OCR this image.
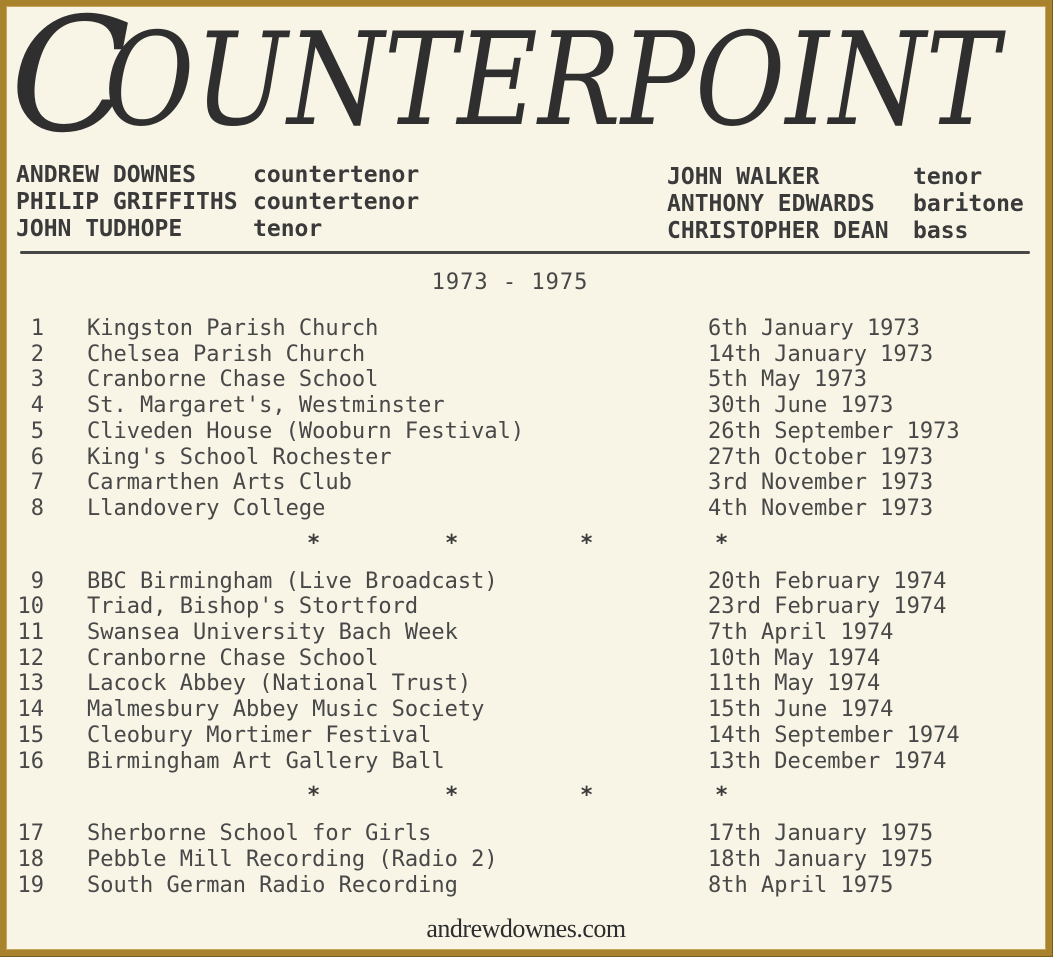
C
OUNTERPOINT
ANDREW DOWNES	countertenor
PHILIP GRIFFITHS countertenor
JOHN TUDHOPE	tenor
JOHN WALKER	tenor
ANTHONY EDWARDS	baritone
CHRISTOPHER DEAN	bass
1973 - 1975
1	Kingston Parish Church	6th January 1973
2	Chelsea Parish Church	14th January 1973
3	Cranborne Chase School	5th May 1973
4	St. Margaret's, Westminster	30th June 1973
5	Cliveden House (Wooburn Festival)	26th September 1973
6	King's School Rochester	27th October 1973
7	Carmarthen Arts Club	3rd November 1973
8	Llandovery College	4th November 1973
*	*	*	*
9	BBC Birmingham (Live Broadcast)	20th February 1974
10	Triad, Bishop's Stortford	23rd February 1974
11	Swansea University Bach Week	7th April 1974
12	Cranborne Chase School	10th May 1974
13	Lacock Abbey (National Trust)	11th May 1974
14	Malmesbury Abbey Music Society	15th June 1974
15	Cleobury Mortimer Festival	14th September 1974
16	Birmingham Art Gallery Ball	13th December 1974
*	*	*	*
17	Sherborne School for Girls	17th January 1975
18	Pebble Mill Recording (Radio 2)	18th January 1975
19	South German Radio Recording	8th April 1975
andrewdownes.com
